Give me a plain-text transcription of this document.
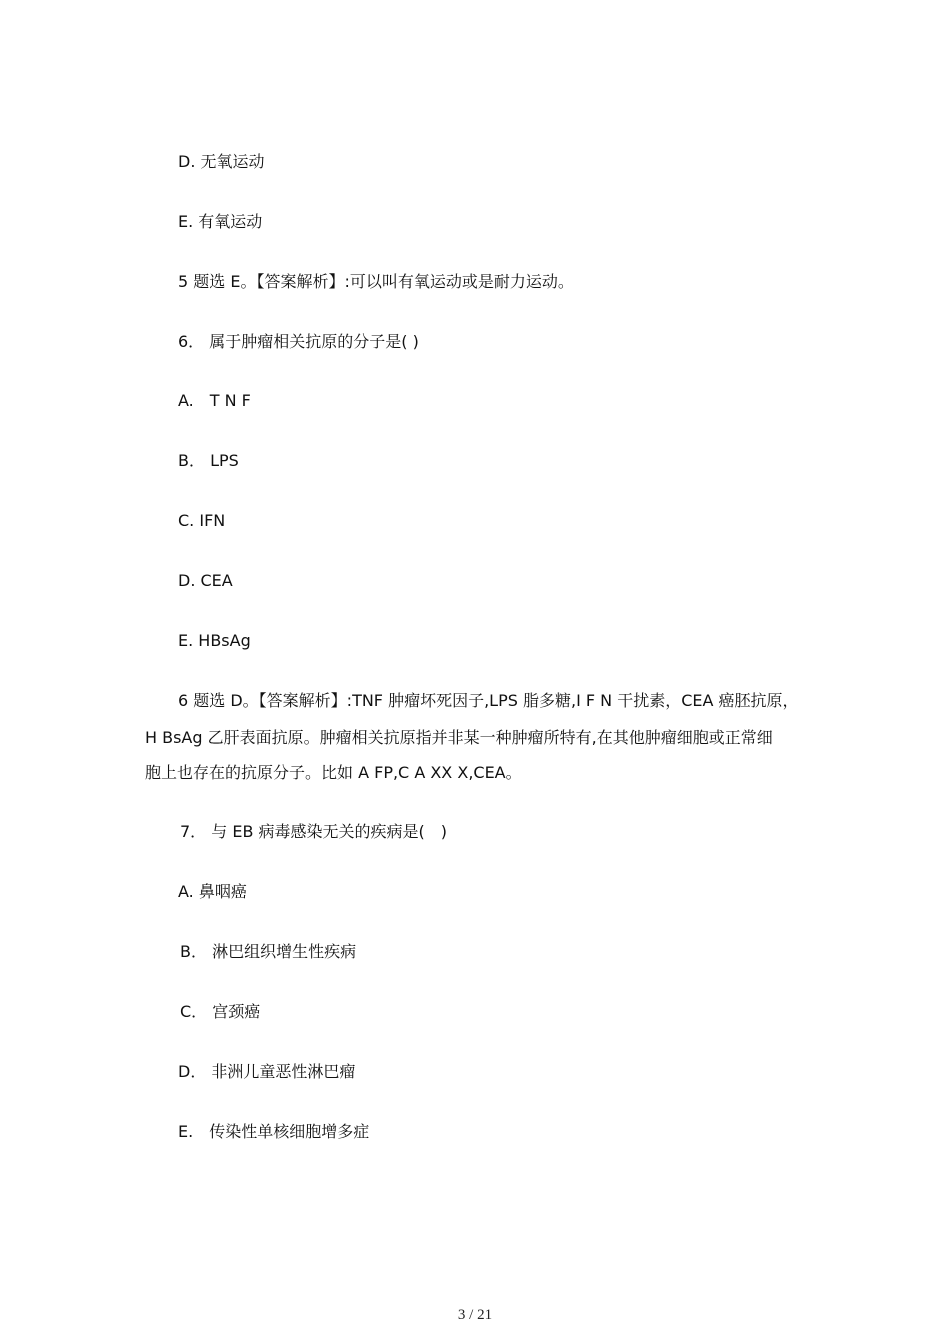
D. 无氧运动
E. 有氧运动
5 题选 E。【答案解析】:可以叫有氧运动或是耐力运动。
6． 属于肿瘤相关抗原的分子是( )
A.　T N F
B． LPS
C. IFN
D. CEA
E. HBsAg
6 题选 D。【答案解析】:TNF 肿瘤坏死因子,LPS 脂多糖,I F N 干扰素，CEA 癌胚抗原，
H BsAg 乙肝表面抗原。肿瘤相关抗原指并非某一种肿瘤所特有,在其他肿瘤细胞或正常细
胞上也存在的抗原分子。比如 A FP,C A XX X,CEA。
7． 与 EB 病毒感染无关的疾病是(　)
A. 鼻咽癌
B． 淋巴组织增生性疾病
C． 宫颈癌
D． 非洲儿童恶性淋巴瘤
E.　传染性单核细胞增多症
3 / 21
